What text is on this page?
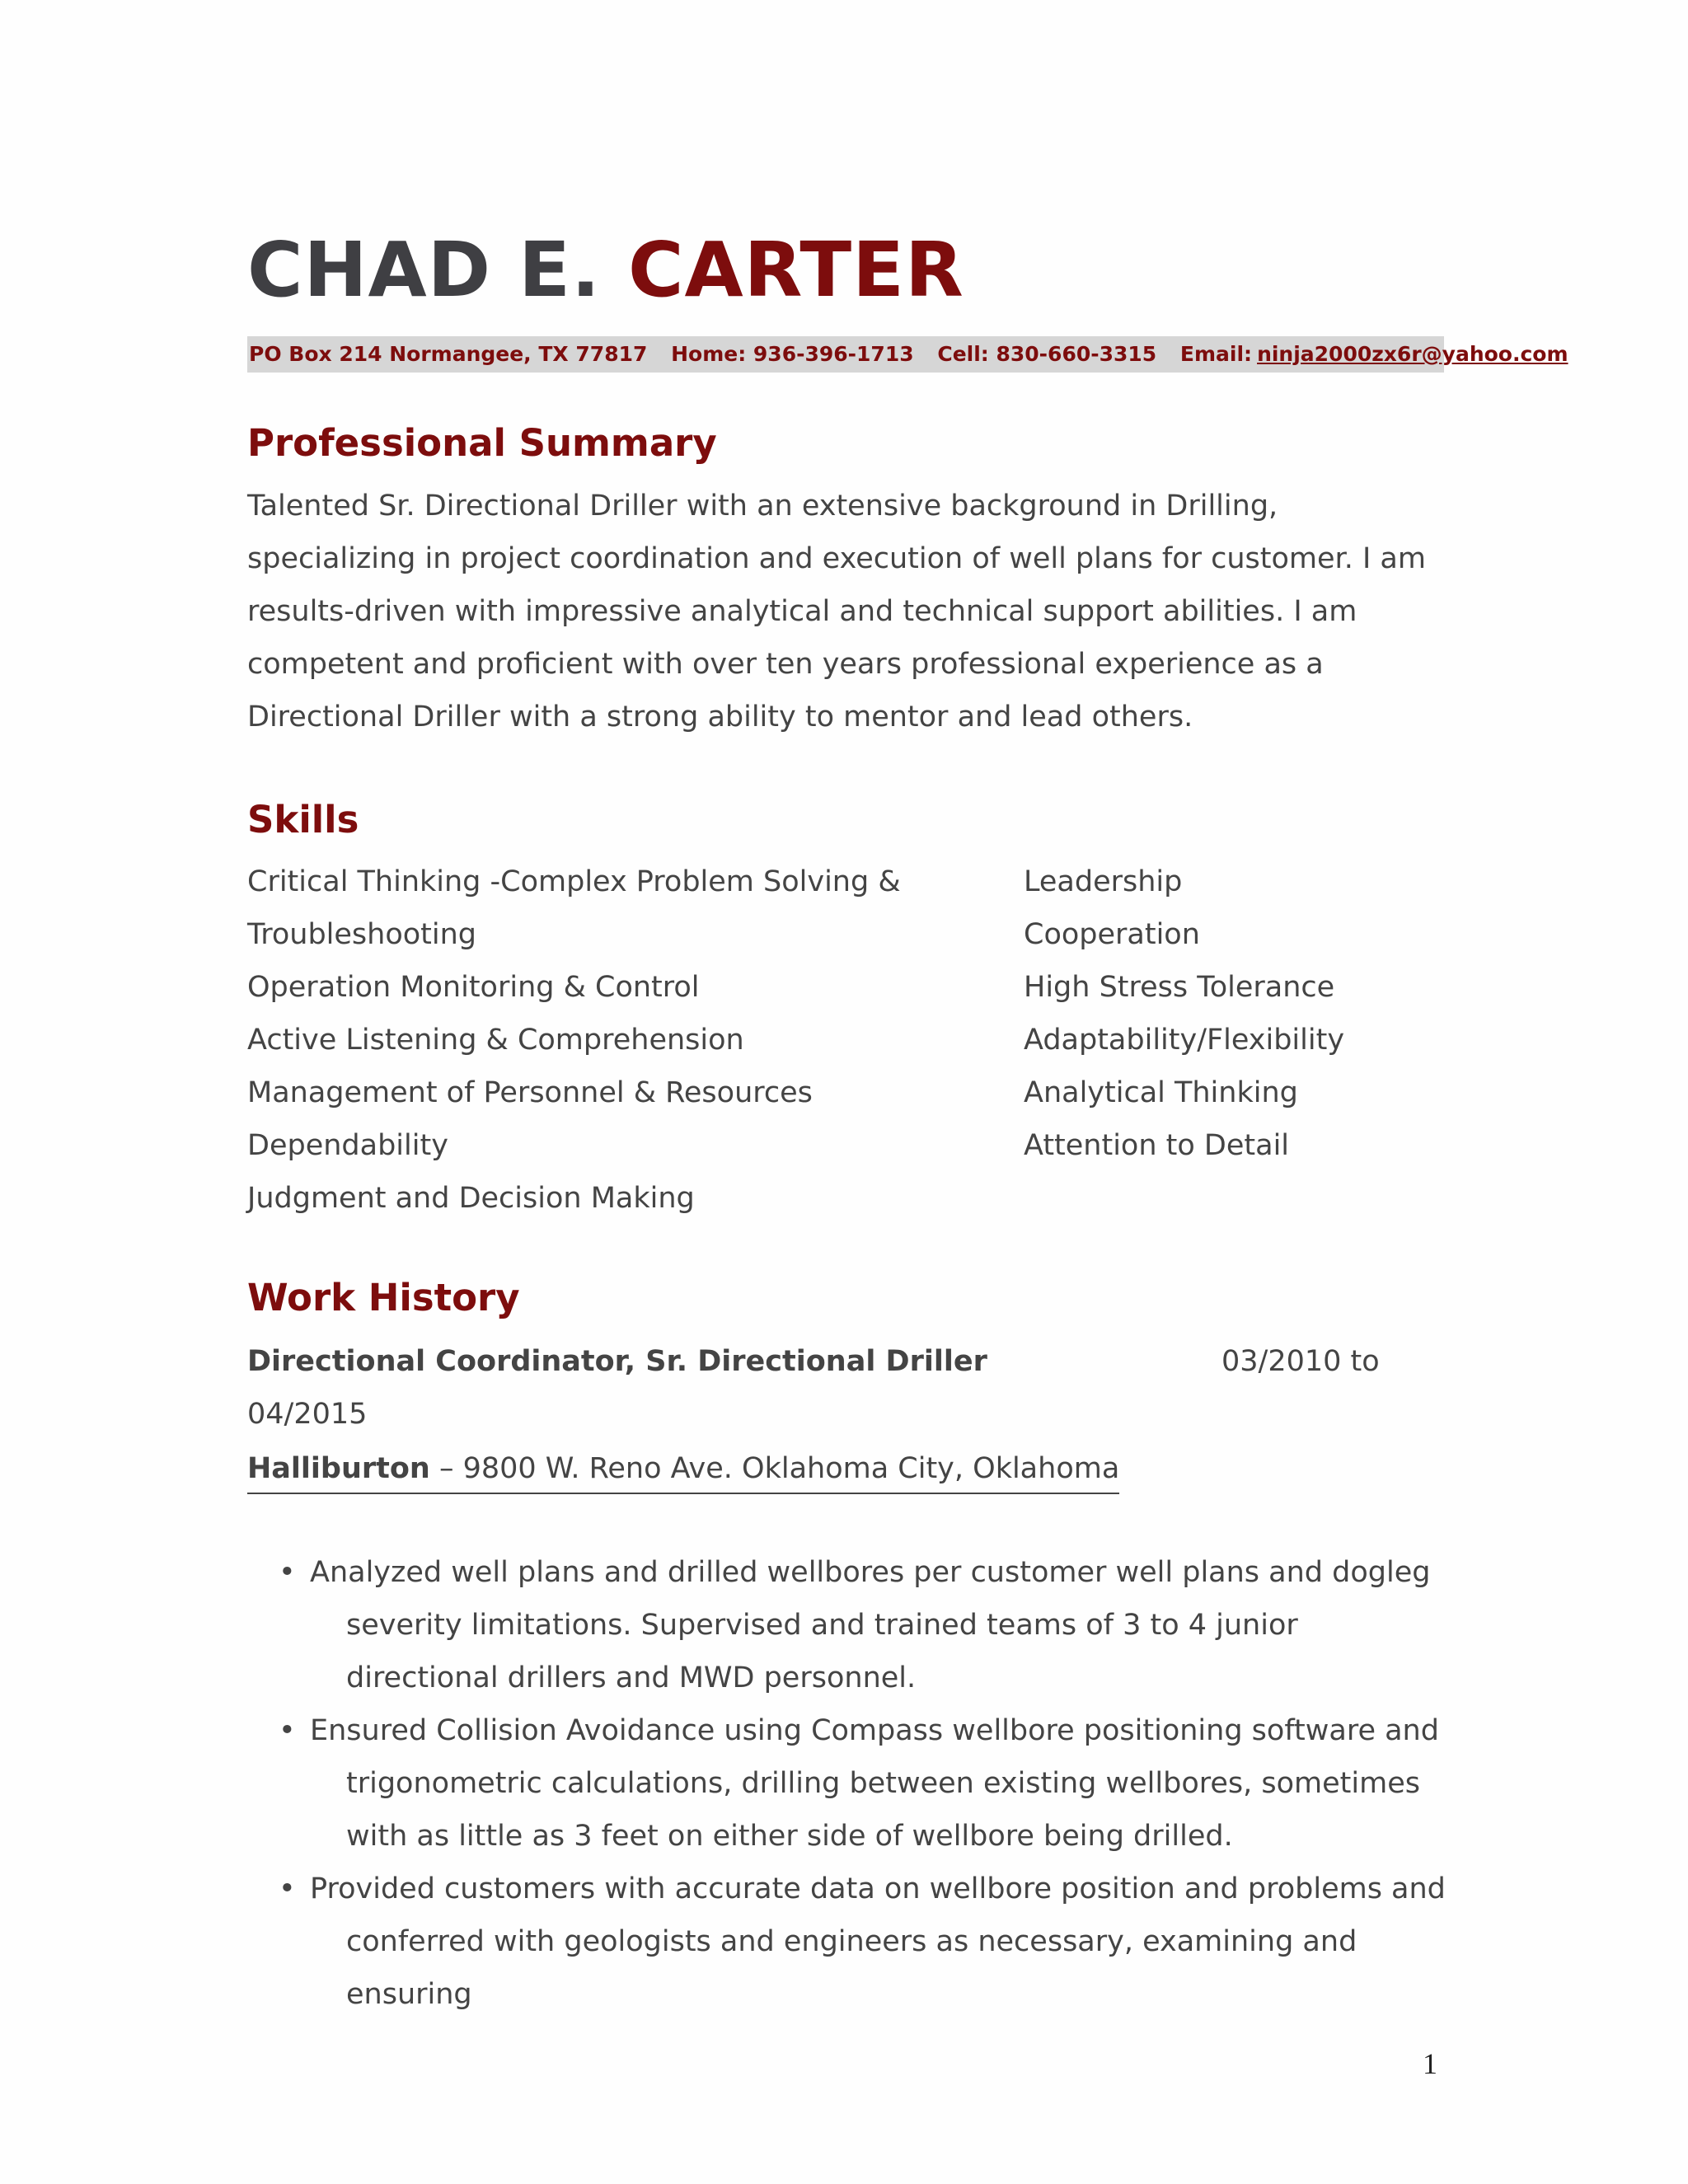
CHAD E. CARTER
PO Box 214 Normangee, TX 77817 Home: 936-396-1713 Cell: 830-660-3315 Email: ninja2000zx6r@yahoo.com
Professional Summary
Talented Sr. Directional Driller with an extensive background in Drilling, specializing in project coordination and execution of well plans for customer. I am results-driven with impressive analytical and technical support abilities. I am competent and proficient with over ten years professional experience as a Directional Driller with a strong ability to mentor and lead others.
Skills
Critical Thinking -Complex Problem Solving &
Troubleshooting
Operation Monitoring & Control
Active Listening & Comprehension
Management of Personnel & Resources
Dependability
Judgment and Decision Making
Leadership
Cooperation
High Stress Tolerance
Adaptability/Flexibility
Analytical Thinking
Attention to Detail
Work History
Directional Coordinator, Sr. Directional Driller	03/2010 to
04/2015
Halliburton – 9800 W. Reno Ave. Oklahoma City, Oklahoma
• Analyzed well plans and drilled wellbores per customer well plans and dogleg severity limitations. Supervised and trained teams of 3 to 4 junior directional drillers and MWD personnel.
• Ensured Collision Avoidance using Compass wellbore positioning software and trigonometric calculations, drilling between existing wellbores, sometimes with as little as 3 feet on either side of wellbore being drilled.
• Provided customers with accurate data on wellbore position and problems and conferred with geologists and engineers as necessary, examining and ensuring
1
